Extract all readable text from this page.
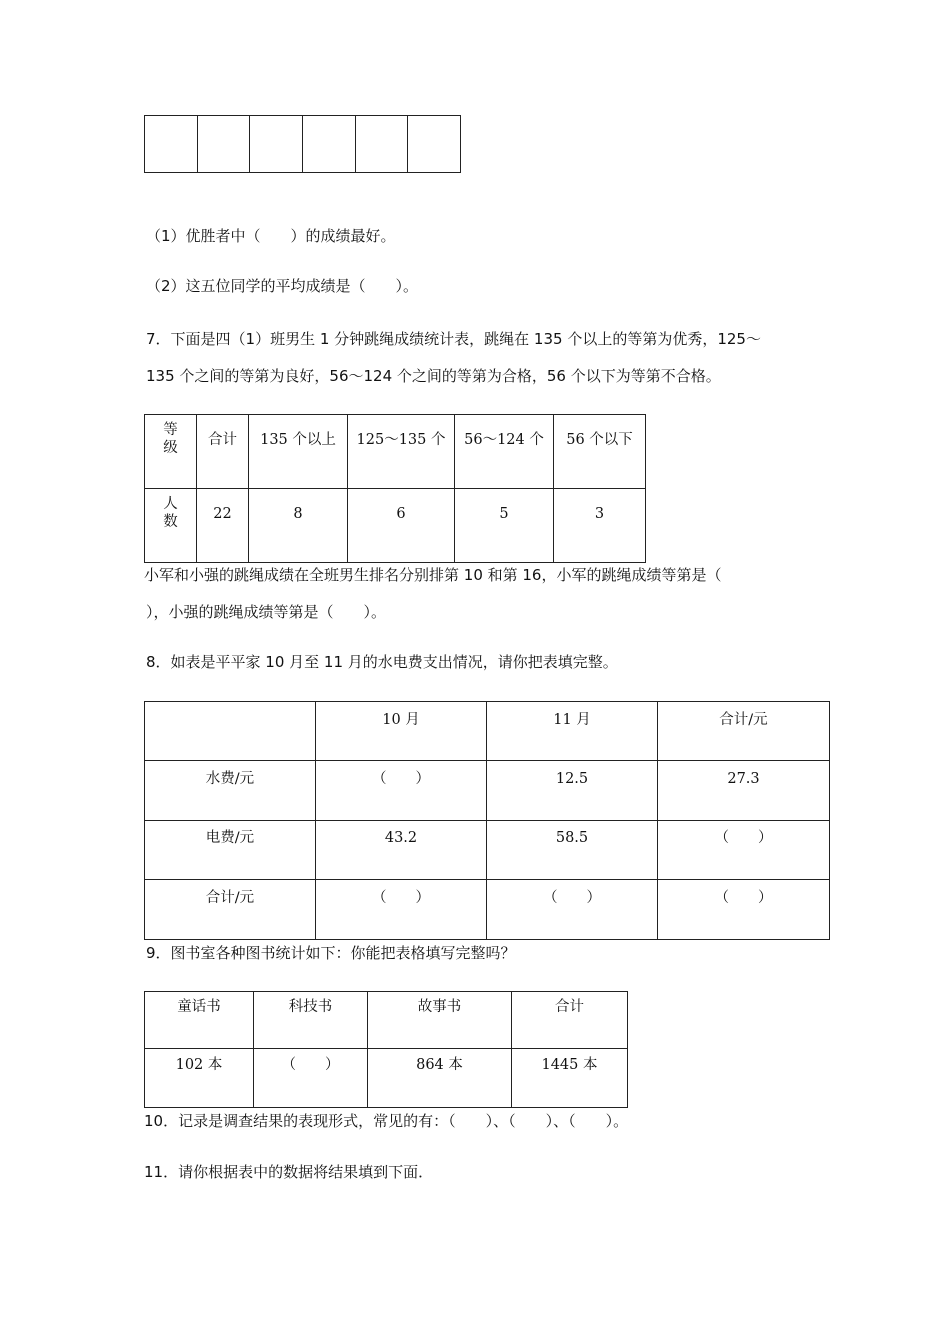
（1）优胜者中（　　）的成绩最好。
（2）这五位同学的平均成绩是（　　）。
7．下面是四（1）班男生 1 分钟跳绳成绩统计表，跳绳在 135 个以上的等第为优秀，125～
135 个之间的等第为良好，56～124 个之间的等第为合格，56 个以下为等第不合格。
等级	合计	135 个以上	125～135 个	56～124 个	56 个以下

人数	22	8	6	5	3
小军和小强的跳绳成绩在全班男生排名分别排第 10 和第 16，小军的跳绳成绩等第是（
），小强的跳绳成绩等第是（　　）。
8．如表是平平家 10 月至 11 月的水电费支出情况，请你把表填完整。
	10 月	11 月	合计/元
水费/元	（　　）	12.5	27.3
电费/元	43.2	58.5	（　　）
合计/元	（　　）	（　　）	（　　）
9．图书室各种图书统计如下：你能把表格填写完整吗？
童话书	科技书	故事书	合计
102 本	（　　）	864 本	1445 本
10．记录是调查结果的表现形式，常见的有：（　　）、（　　）、（　　）。
11．请你根据表中的数据将结果填到下面．
